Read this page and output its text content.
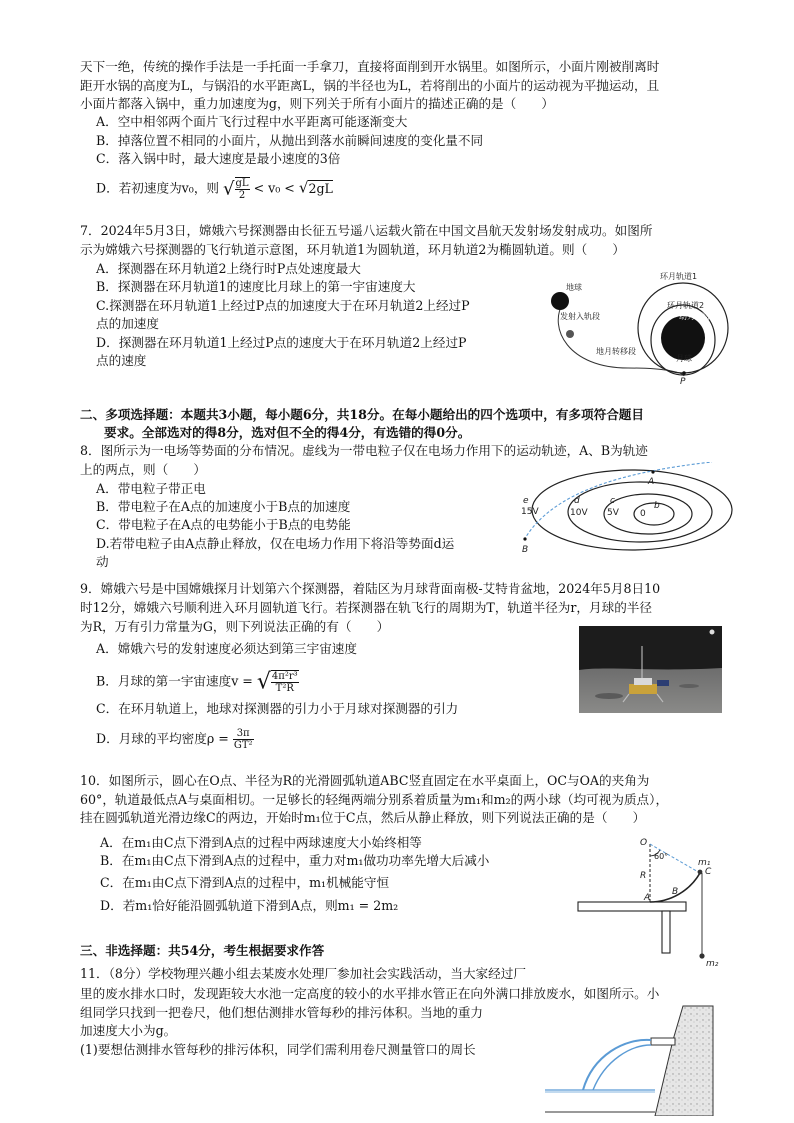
天下一绝，传统的操作手法是一手托面一手拿刀，直接将面削到开水锅里。如图所示，小面片刚被削离时
距开水锅的高度为L，与锅沿的水平距离L，锅的半径也为L，若将削出的小面片的运动视为平抛运动，且
小面片都落入锅中，重力加速度为g，则下列关于所有小面片的描述正确的是（　　）
A．空中相邻两个面片飞行过程中水平距离可能逐渐变大
B．掉落位置不相同的小面片，从抛出到落水前瞬间速度的变化量不同
C．落入锅中时，最大速度是最小速度的3倍
D．若初速度为v₀，则 √ $\frac{gL}{2} < v_0 < √2gL$
7．2024年5月3日，嫦娥六号探测器由长征五号遥八运载火箭在中国文昌航天发射场发射成功。如图所
示为嫦娥六号探测器的飞行轨道示意图，环月轨道1为圆轨道，环月轨道2为椭圆轨道。则（　　）
A．探测器在环月轨道2上绕行时P点处速度最大
B．探测器在环月轨道1的速度比月球上的第一宇宙速度大
C.探测器在环月轨道1上经过P点的加速度大于在环月轨道2上经过P
点的加速度
D．探测器在环月轨道1上经过P点的速度大于在环月轨道2上经过P
点的速度
地球
发射入轨段
环月轨道1
环月轨道2
动力下降段
地月转移段
月球
P
二、多项选择题：本题共3小题，每小题6分，共18分。在每小题给出的四个选项中，有多项符合题目
要求。全部选对的得8分，选对但不全的得4分，有选错的得0分。
8．图所示为一电场等势面的分布情况。虚线为一带电粒子仅在电场力作用下的运动轨迹，A、B为轨迹
上的两点，则（　　）
A．带电粒子带正电
B．带电粒子在A点的加速度小于B点的加速度
C．带电粒子在A点的电势能小于B点的电势能
D.若带电粒子由A点静止释放，仅在电场力作用下将沿等势面d运
动
A
B
e
15V
d
10V
c
5V
b
0
9．嫦娥六号是中国嫦娥探月计划第六个探测器，着陆区为月球背面南极-艾特肯盆地，2024年5月8日10
时12分，嫦娥六号顺利进入环月圆轨道飞行。若探测器在轨飞行的周期为T，轨道半径为r，月球的半径
为R，万有引力常量为G，则下列说法正确的有（　　）
A．嫦娥六号的发射速度必须达到第三宇宙速度
B．月球的第一宇宙速度v = √ $\frac{\text{4π²r³}}{\text{T²R}}$
C．在环月轨道上，地球对探测器的引力小于月球对探测器的引力
D．月球的平均密度$\rho = \frac{3\pi}{\text{GT²}}$
10．如图所示，圆心在O点、半径为R的光滑圆弧轨道ABC竖直固定在水平桌面上，OC与OA的夹角为
60°，轨道最低点A与桌面相切。一足够长的轻绳两端分别系着质量为m₁和m₂的两小球（均可视为质点），
挂在圆弧轨道光滑边缘C的两边，开始时m₁位于C点，然后从静止释放，则下列说法正确的是（　　）
A．在m₁由C点下滑到A点的过程中两球速度大小始终相等
B．在m₁由C点下滑到A点的过程中，重力对m₁做功功率先增大后减小
C．在m₁由C点下滑到A点的过程中，m₁机械能守恒
D．若m₁恰好能沿圆弧轨道下滑到A点，则m₁ = 2m₂
O
60°
R
m₁
C
B
A
m₂
三、非选择题：共54分，考生根据要求作答
11．（8分）学校物理兴趣小组去某废水处理厂参加社会实践活动，当大家经过厂
里的废水排水口时，发现距较大水池一定高度的较小的水平排水管正在向外满口排放废水，如图所示。小
组同学只找到一把卷尺，他们想估测排水管每秒的排污体积。当地的重力
加速度大小为g。
(1)要想估测排水管每秒的排污体积，同学们需利用卷尺测量管口的周长
